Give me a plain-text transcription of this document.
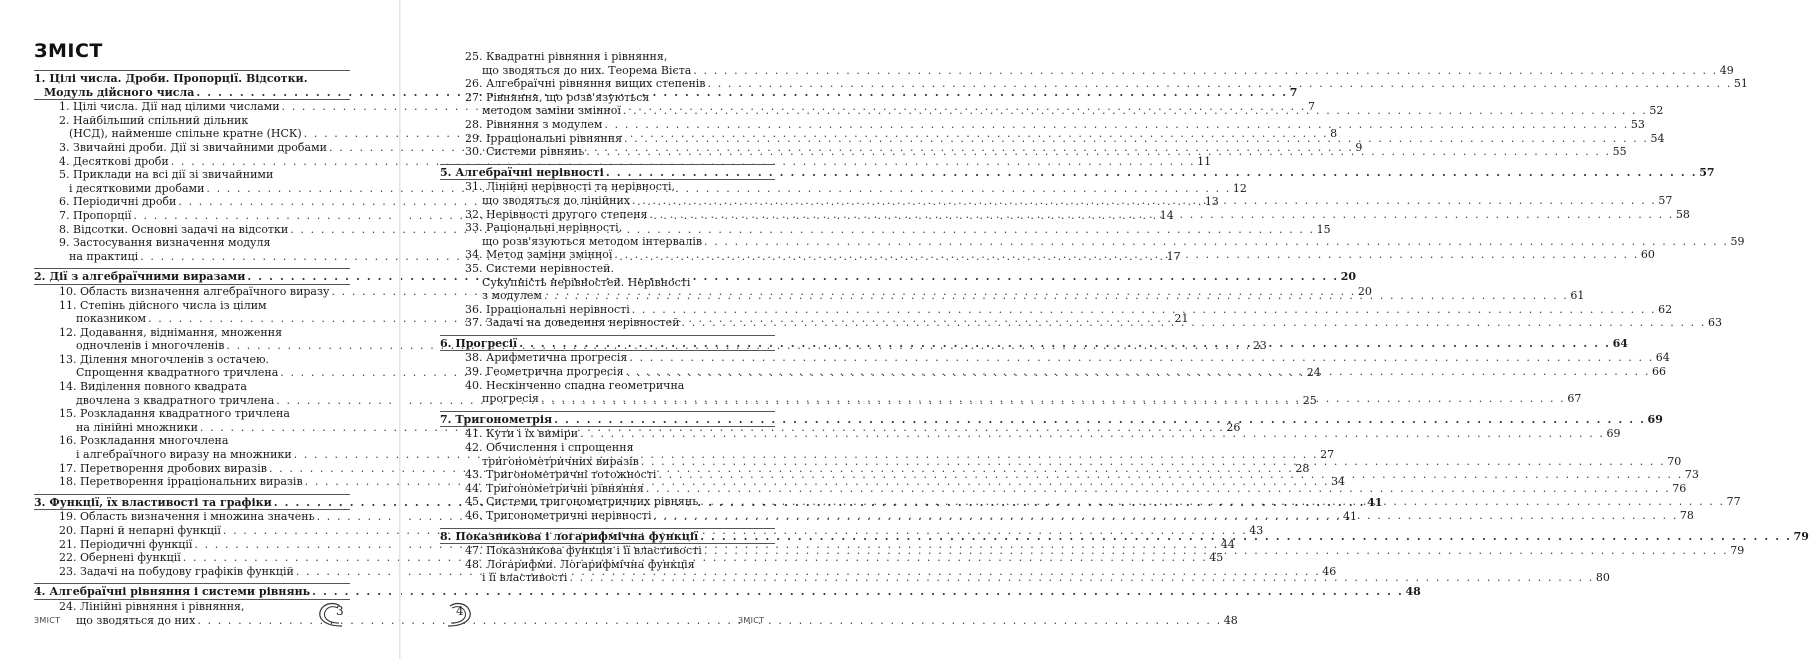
ЗМІСТ
1. Цілі числа. Дроби. Пропорції. Відсотки.
Модуль дійсного числа . . .	7
1. Цілі числа. Дії над цілими числами . . .	7
2. Найбільший спільний дільник
(НСД), найменше спільне кратне (НСК) . . .	8
3. Звичайні дроби. Дії зі звичайними дробами . . .	9
4. Десяткові дроби . . .	11
5. Приклади на всі дії зі звичайними
і десятковими дробами . . .	12
6. Періодичні дроби . . .	13
7. Пропорції . . .	14
8. Відсотки. Основні задачі на відсотки . . .	15
9. Застосування визначення модуля
на практиці . . .	17
2. Дії з алгебраїчними виразами . . .	20
10. Область визначення алгебраїчного виразу . . .	20
11. Степінь дійсного числа із цілим
показником . . .	21
12. Додавання, віднімання, множення
одночленів і многочленів . . .	23
13. Ділення многочленів з остачею.
Спрощення квадратного тричлена . . .	24
14. Виділення повного квадрата
двочлена з квадратного тричлена . . .	25
15. Розкладання квадратного тричлена
на лінійні множники . . .	26
16. Розкладання многочлена
і алгебраїчного виразу на множники . . .	27
17. Перетворення дробових виразів . . .	28
18. Перетворення ірраціональних виразів . . .	34
3. Функції, їх властивості та графіки . . .	41
19. Область визначення і множина значень . . .	41
20. Парні й непарні функції . . .	43
21. Періодичні функції . . .	44
22. Обернені функції . . .	45
23. Задачі на побудову графіків функцій . . .	46
4. Алгебраїчні рівняння і системи рівнянь . . .	48
24. Лінійні рівняння і рівняння,
що зводяться до них . . .	48
ЗМІСТ
3
25. Квадратні рівняння і рівняння,
що зводяться до них. Теорема Вієта . . .	49
26. Алгебраїчні рівняння вищих степенів . . .	51
27. Рівняння, що розв'язуються
методом заміни змінної . . .	52
28. Рівняння з модулем . . .	53
29. Ірраціональні рівняння . . .	54
30. Системи рівнянь . . .	55
5. Алгебраїчні нерівності . . .	57
31. Лінійні нерівності та нерівності,
що зводяться до лінійних . . .	57
32. Нерівності другого степеня . . .	58
33. Раціональні нерівності,
що розв'язуються методом інтервалів . . .	59
34. Метод заміни змінної . . .	60
35. Системи нерівностей.
Сукупність нерівностей. Нерівності
з модулем . . .	61
36. Ірраціональні нерівності . . .	62
37. Задачі на доведення нерівностей . . .	63
6. Прогресії . . .	64
38. Арифметична прогресія . . .	64
39. Геометрична прогресія . . .	66
40. Нескінченно спадна геометрична
прогресія . . .	67
7. Тригонометрія . . .	69
41. Кути і їх виміри . . .	69
42. Обчислення і спрощення
тригонометричних виразів . . .	70
43. Тригонометричні тотожності . . .	73
44. Тригонометричні рівняння . . .	76
45. Системи тригонометричних рівнянь . . .	77
46. Тригонометричні нерівності . . .	78
8. Показникова і логарифмічна функції . . .	79
47. Показникова функція і її властивості . . .	79
48. Логарифми. Логарифмічна функція
і її властивості . . .	80
4
ЗМІСТ
